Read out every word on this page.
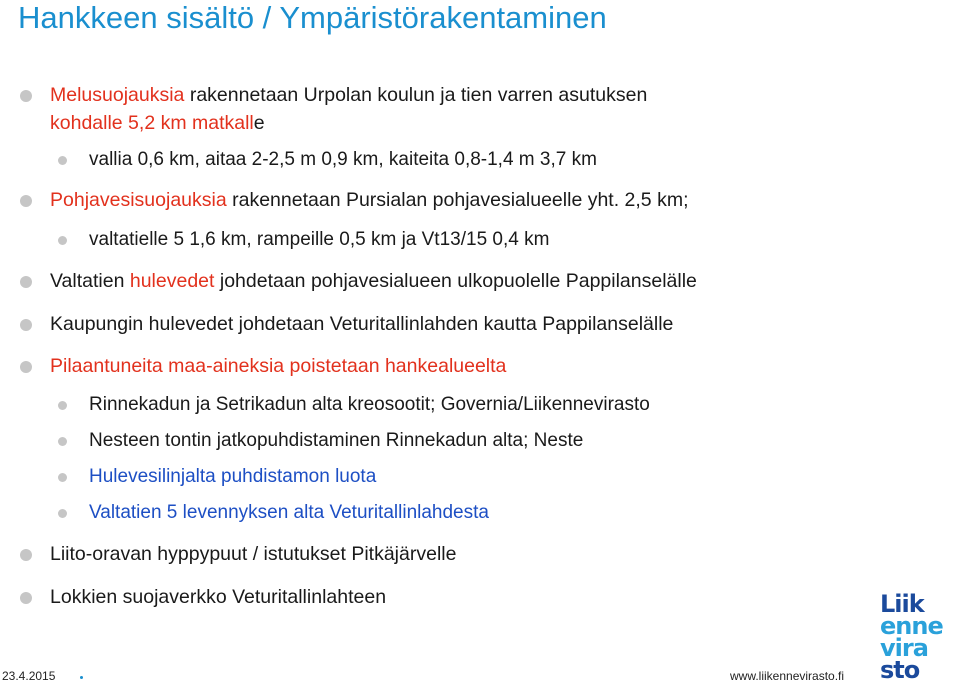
Hankkeen sisältö / Ympäristörakentaminen
Melusuojauksia rakennetaan Urpolan koulun ja tien varren asutuksen
kohdalle 5,2 km matkalle
vallia 0,6 km, aitaa 2-2,5 m 0,9 km, kaiteita 0,8-1,4 m 3,7 km
Pohjavesisuojauksia rakennetaan Pursialan pohjavesialueelle yht. 2,5 km;
valtatielle 5 1,6 km, rampeille 0,5 km ja Vt13/15 0,4 km
Valtatien hulevedet johdetaan pohjavesialueen ulkopuolelle Pappilanselälle
Kaupungin hulevedet johdetaan Veturitallinlahden kautta Pappilanselälle
Pilaantuneita maa-aineksia poistetaan hankealueelta
Rinnekadun ja Setrikadun alta kreosootit; Governia/Liikennevirasto
Nesteen tontin jatkopuhdistaminen Rinnekadun alta; Neste
Hulevesilinjalta puhdistamon luota
Valtatien 5 levennyksen alta Veturitallinlahdesta
Liito-oravan hyppypuut / istutukset Pitkäjärvelle
Lokkien suojaverkko Veturitallinlahteen
23.4.2015	www.liikennevirasto.fi
Liik
enne
vira
sto
